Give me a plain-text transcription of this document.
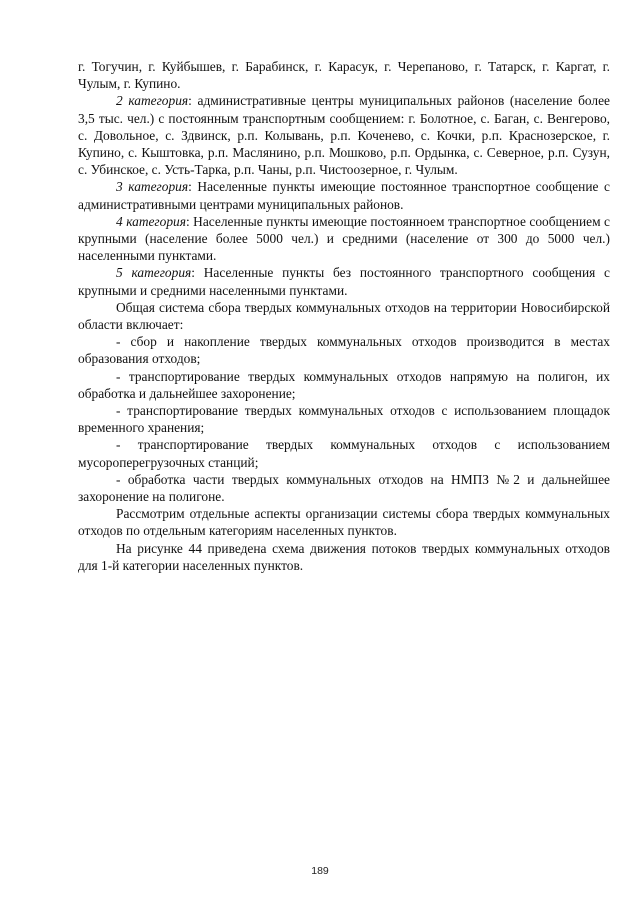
г. Тогучин, г. Куйбышев, г. Барабинск, г. Карасук, г. Черепаново, г. Татарск, г. Каргат, г. Чулым, г. Купино.

2 категория: административные центры муниципальных районов (население более 3,5 тыс. чел.) с постоянным транспортным сообщением: г. Болотное, с. Баган, с. Венгерово, с. Довольное, с. Здвинск, р.п. Колывань, р.п. Коченево, с. Кочки, р.п. Краснозерское, г. Купино, с. Кыштовка, р.п. Маслянино, р.п. Мошково, р.п. Ордынка, с. Северное, р.п. Сузун, с. Убинское, с. Усть-Тарка, р.п. Чаны, р.п. Чистоозерное, г. Чулым.

3 категория: Населенные пункты имеющие постоянное транспортное сообщение с административными центрами муниципальных районов.

4 категория: Населенные пункты имеющие постоянноем транспортное сообщением с крупными (население более 5000 чел.) и средними (население от 300 до 5000 чел.) населенными пунктами.

5 категория: Населенные пункты без постоянного транспортного сообщения с крупными и средними населенными пунктами.

Общая система сбора твердых коммунальных отходов на территории Новосибирской области включает:

- сбор и накопление твердых коммунальных отходов производится в местах образования отходов;

- транспортирование твердых коммунальных отходов напрямую на полигон, их обработка и дальнейшее захоронение;

- транспортирование твердых коммунальных отходов с использованием площадок временного хранения;

- транспортирование твердых коммунальных отходов с использованием мусороперегрузочных станций;

- обработка части твердых коммунальных отходов на НМПЗ №2 и дальнейшее захоронение на полигоне.

Рассмотрим отдельные аспекты организации системы сбора твердых коммунальных отходов по отдельным категориям населенных пунктов.

На рисунке 44 приведена схема движения потоков твердых коммунальных отходов для 1-й категории населенных пунктов.

189
